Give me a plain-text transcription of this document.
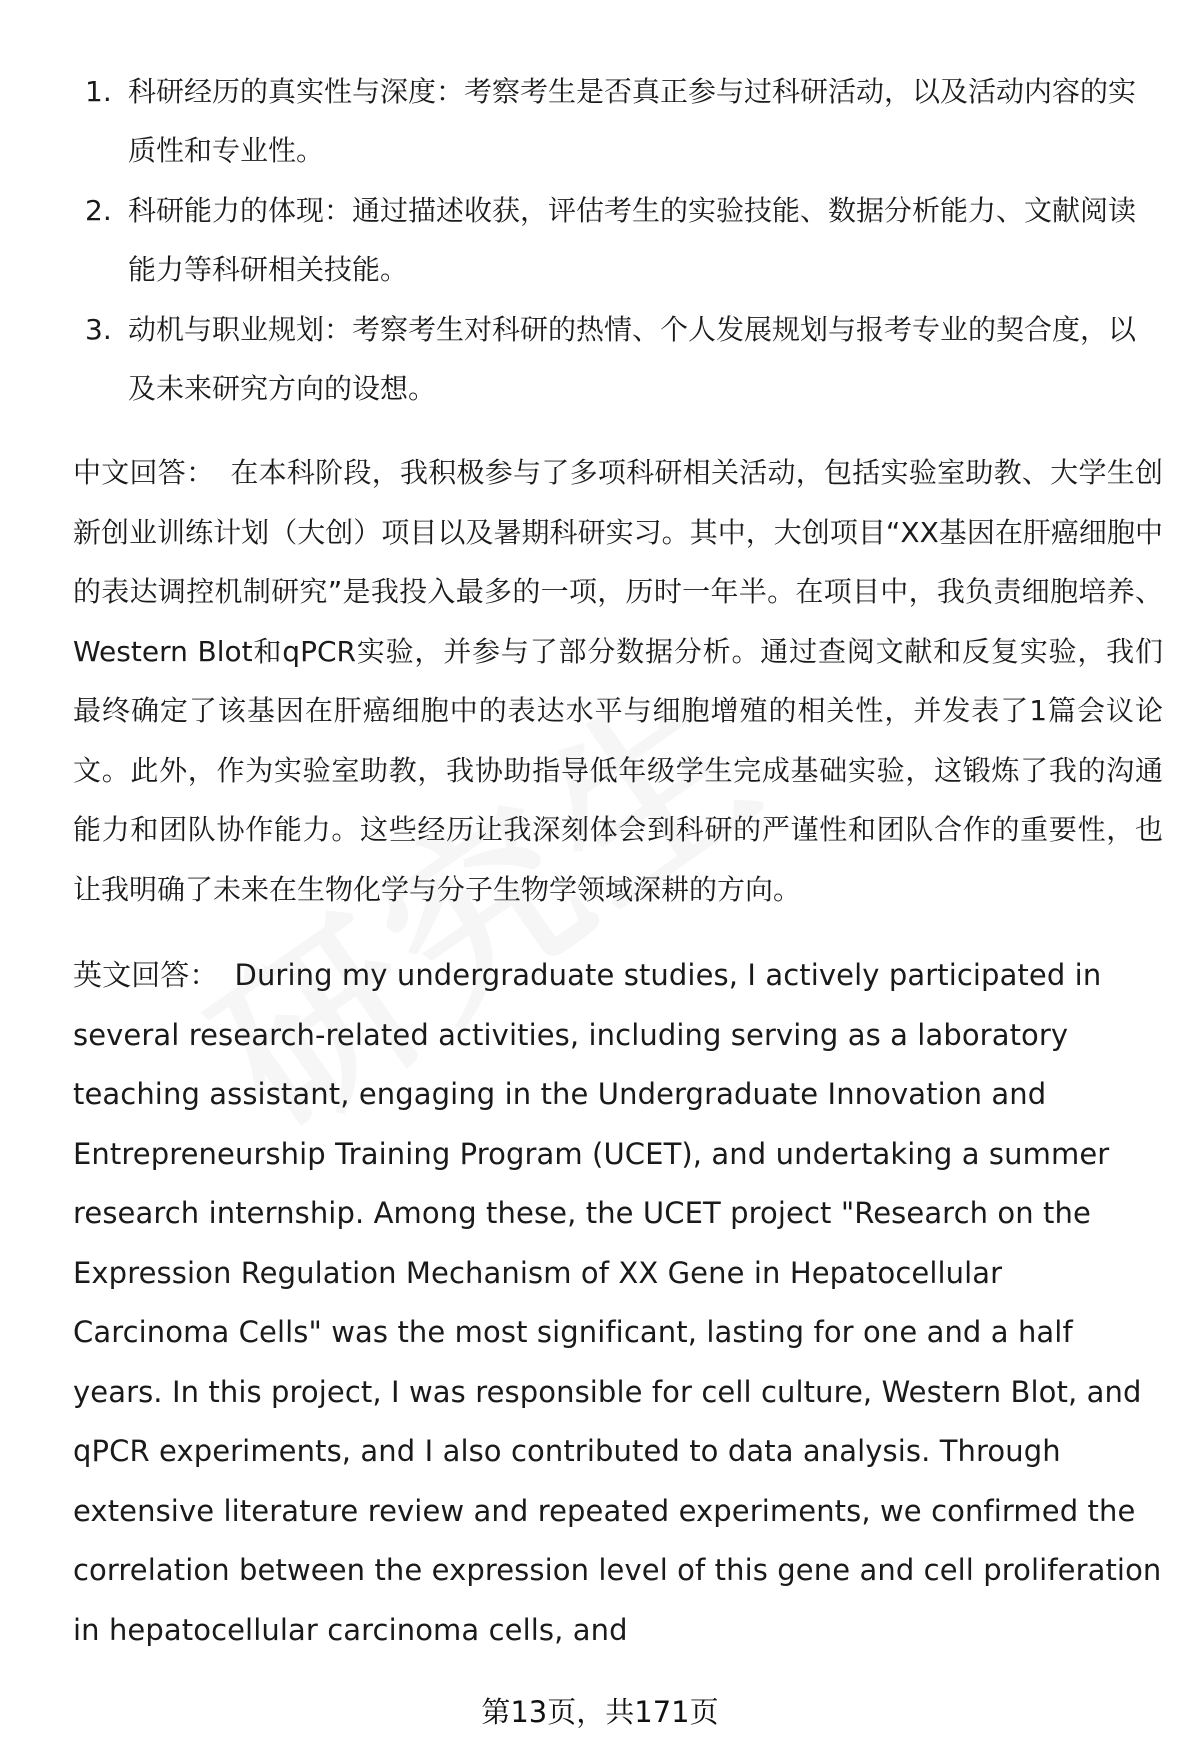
1. 科研经历的真实性与深度：考察考生是否真正参与过科研活动，以及活动内容的实质性和专业性。
2. 科研能力的体现：通过描述收获，评估考生的实验技能、数据分析能力、文献阅读能力等科研相关技能。
3. 动机与职业规划：考察考生对科研的热情、个人发展规划与报考专业的契合度，以及未来研究方向的设想。

中文回答： 在本科阶段，我积极参与了多项科研相关活动，包括实验室助教、大学生创新创业训练计划（大创）项目以及暑期科研实习。其中，大创项目“XX基因在肝癌细胞中的表达调控机制研究”是我投入最多的一项，历时一年半。在项目中，我负责细胞培养、Western Blot和qPCR实验，并参与了部分数据分析。通过查阅文献和反复实验，我们最终确定了该基因在肝癌细胞中的表达水平与细胞增殖的相关性，并发表了1篇会议论文。此外，作为实验室助教，我协助指导低年级学生完成基础实验，这锻炼了我的沟通能力和团队协作能力。这些经历让我深刻体会到科研的严谨性和团队合作的重要性，也让我明确了未来在生物化学与分子生物学领域深耕的方向。

英文回答： During my undergraduate studies, I actively participated in several research-related activities, including serving as a laboratory teaching assistant, engaging in the Undergraduate Innovation and Entrepreneurship Training Program (UCET), and undertaking a summer research internship. Among these, the UCET project "Research on the Expression Regulation Mechanism of XX Gene in Hepatocellular Carcinoma Cells" was the most significant, lasting for one and a half years. In this project, I was responsible for cell culture, Western Blot, and qPCR experiments, and I also contributed to data analysis. Through extensive literature review and repeated experiments, we confirmed the correlation between the expression level of this gene and cell proliferation in hepatocellular carcinoma cells, and

第13页，共171页
